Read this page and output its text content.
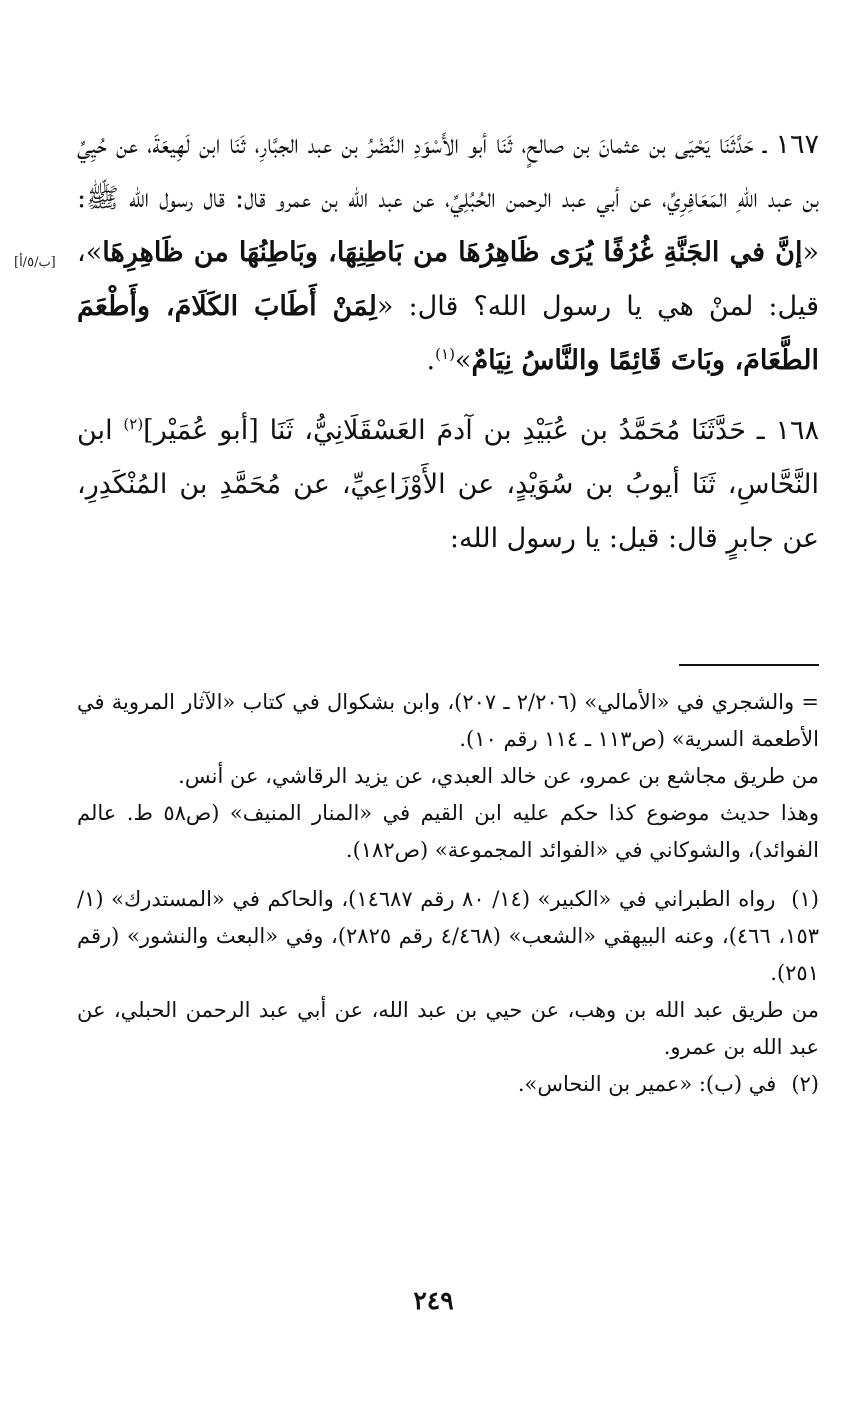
[ب/٥/أ]

١٦٧ ـ حَدَّثَنَا يَحْيَى بن عثمانَ بن صالحٍ، ثَنَا أبو الأَسْوَدِ النَّضْرُ بن عبد الجبَّارِ، ثَنَا ابن لَهِيعَةَ، عن حُيِيِّ بن عبد اللهِ المَعَافِرِيِّ، عن أبي عبد الرحمن الحُبُلِيِّ، عن عبد الله بن عمرو قال: قال رسول الله ﷺ: «إنَّ في الجَنَّةِ غُرُفًا يُرَى ظَاهِرُهَا من بَاطِنِهَا، وبَاطِنُهَا من ظَاهِرِهَا»، قيل: لمنْ هي يا رسول الله؟ قال: «لِمَنْ أَطَابَ الكَلَامَ، وأَطْعَمَ الطَّعَامَ، وبَاتَ قَائِمًا والنَّاسُ نِيَامٌ»$^{(١)}$.

١٦٨ ـ حَدَّثَنَا مُحَمَّدُ بن عُبَيْدِ بن آدمَ العَسْقَلَانِيُّ، ثَنَا [أبو عُمَيْر]$^{(٢)}$ ابن النَّحَّاسِ، ثَنَا أيوبُ بن سُوَيْدٍ، عن الأَوْزَاعِيِّ، عن مُحَمَّدِ بن المُنْكَدِرِ، عن جابرٍ قال: قيل: يا رسول الله:

= والشجري في «الأمالي» (٢/٢٠٦ ـ ٢٠٧)، وابن بشكوال في كتاب «الآثار المروية في الأطعمة السرية» (ص١١٣ ـ ١١٤ رقم ١٠).

من طريق مجاشع بن عمرو، عن خالد العبدي، عن يزيد الرقاشي، عن أنس.

وهذا حديث موضوع كذا حكم عليه ابن القيم في «المنار المنيف» (ص٥٨ ط. عالم الفوائد)، والشوكاني في «الفوائد المجموعة» (ص١٨٢).

(١) رواه الطبراني في «الكبير» (١٤/ ٨٠ رقم ١٤٦٨٧)، والحاكم في «المستدرك» (١/ ١٥٣، ٤٦٦)، وعنه البيهقي «الشعب» (٤/٤٦٨ رقم ٢٨٢٥)، وفي «البعث والنشور» (رقم ٢٥١).

من طريق عبد الله بن وهب، عن حيي بن عبد الله، عن أبي عبد الرحمن الحبلي، عن عبد الله بن عمرو.

(٢) في (ب): «عمير بن النحاس».

٢٤٩
